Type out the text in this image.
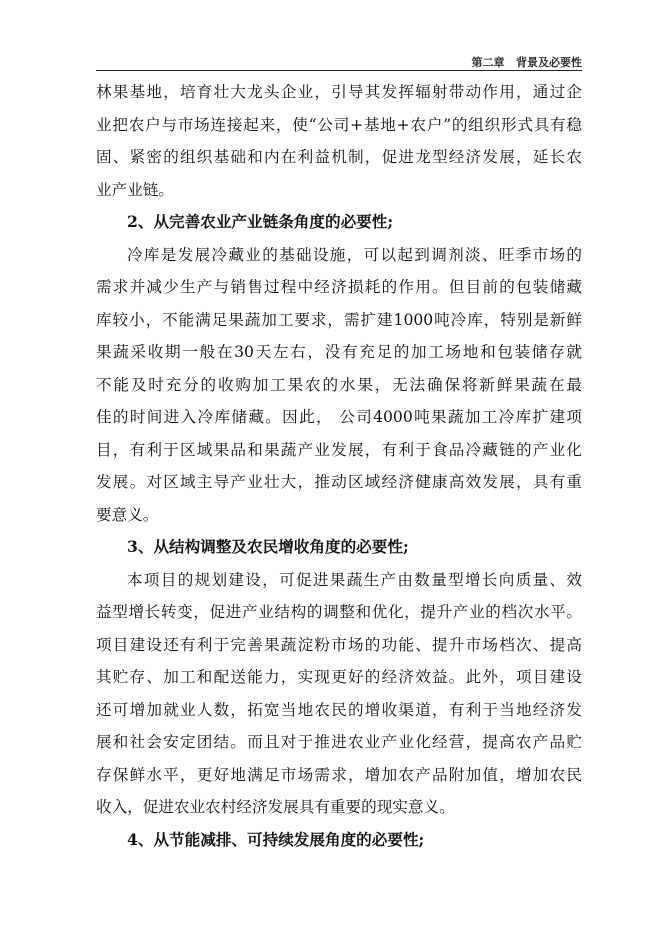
第二章 背景及必要性
林果基地，培育壮大龙头企业，引导其发挥辐射带动作用，通过企
业把农户与市场连接起来，使“公司+基地+农户”的组织形式具有稳
固、紧密的组织基础和内在利益机制，促进龙型经济发展，延长农
业产业链。
2、从完善农业产业链条角度的必要性;
冷库是发展冷藏业的基础设施，可以起到调剂淡、旺季市场的
需求并减少生产与销售过程中经济损耗的作用。但目前的包装储藏
库较小，不能满足果蔬加工要求，需扩建1000吨冷库，特别是新鲜
果蔬采收期一般在30天左右，没有充足的加工场地和包装储存就
不能及时充分的收购加工果农的水果，无法确保将新鲜果蔬在最
佳的时间进入冷库储藏。因此， 公司4000吨果蔬加工冷库扩建项
目，有利于区域果品和果蔬产业发展，有利于食品冷藏链的产业化
发展。对区域主导产业壮大，推动区域经济健康高效发展，具有重
要意义。
3、从结构调整及农民增收角度的必要性;
本项目的规划建设，可促进果蔬生产由数量型增长向质量、效
益型增长转变，促进产业结构的调整和优化，提升产业的档次水平。
项目建设还有利于完善果蔬淀粉市场的功能、提升市场档次、提高
其贮存、加工和配送能力，实现更好的经济效益。此外，项目建设
还可增加就业人数，拓宽当地农民的增收渠道，有利于当地经济发
展和社会安定团结。而且对于推进农业产业化经营，提高农产品贮
存保鲜水平，更好地满足市场需求，增加农产品附加值，增加农民
收入，促进农业农村经济发展具有重要的现实意义。
4、从节能减排、可持续发展角度的必要性;
